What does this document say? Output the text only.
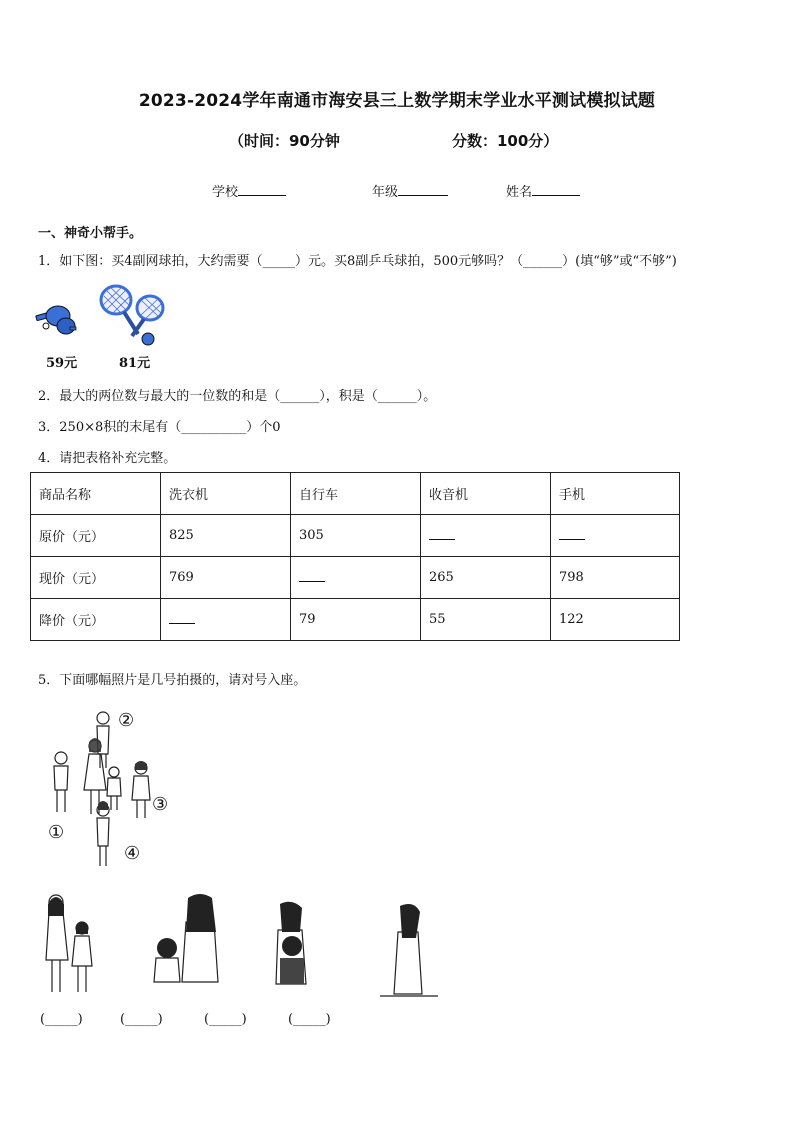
2023-2024学年南通市海安县三上数学期末学业水平测试模拟试题
（时间：90分钟	分数：100分）
学校	年级	姓名
一、神奇小帮手。
1．如下图：买4副网球拍，大约需要（_____）元。买8副乒乓球拍，500元够吗？（______）(填“够”或“不够”)
59元	81元
2．最大的两位数与最大的一位数的和是（______），积是（______）。
3．250×8积的末尾有（__________）个0
4．请把表格补充完整。
商品名称	洗衣机	自行车	收音机	手机
原价（元）	825	305		
现价（元）	769		265	798
降价（元）		79	55	122
5．下面哪幅照片是几号拍摄的，请对号入座。
②
③
①
④
(_____)	(_____)	(_____)	(_____)
